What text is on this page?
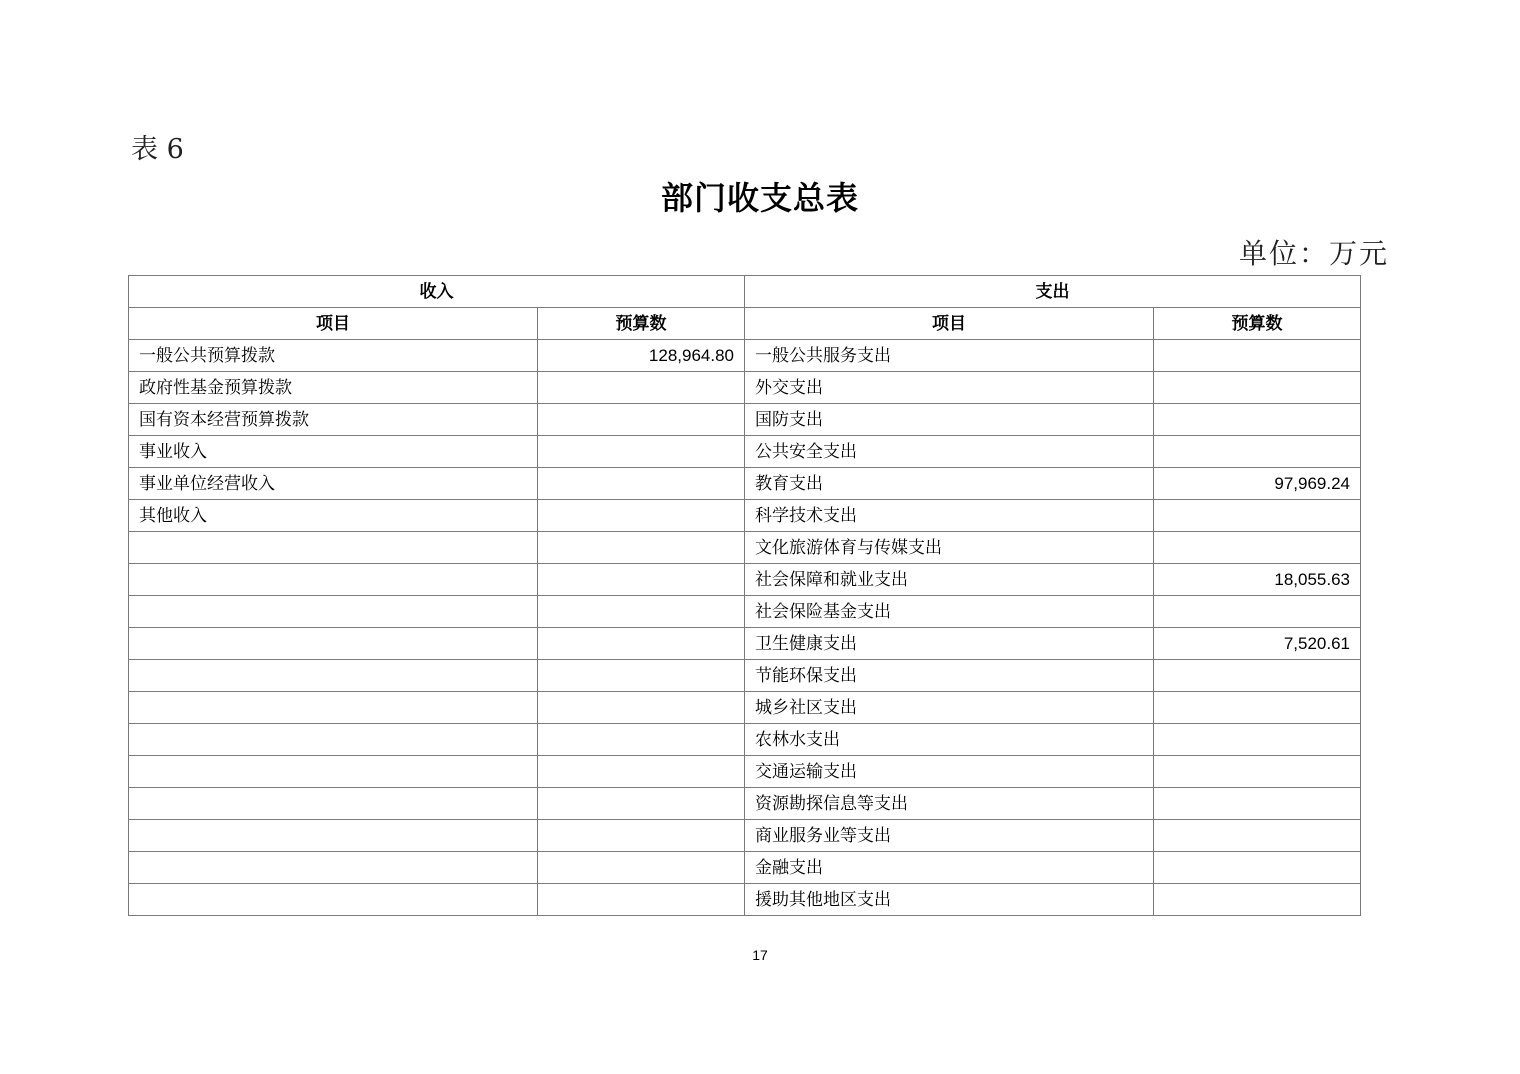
表 6
部门收支总表
单位：万元
收入		支出	
项目	预算数	项目	预算数
一般公共预算拨款	128,964.80	一般公共服务支出	
政府性基金预算拨款		外交支出	
国有资本经营预算拨款		国防支出	
事业收入		公共安全支出	
事业单位经营收入		教育支出	97,969.24
其他收入		科学技术支出	
		文化旅游体育与传媒支出	
		社会保障和就业支出	18,055.63
		社会保险基金支出	
		卫生健康支出	7,520.61
		节能环保支出	
		城乡社区支出	
		农林水支出	
		交通运输支出	
		资源勘探信息等支出	
		商业服务业等支出	
		金融支出	
		援助其他地区支出	
17
